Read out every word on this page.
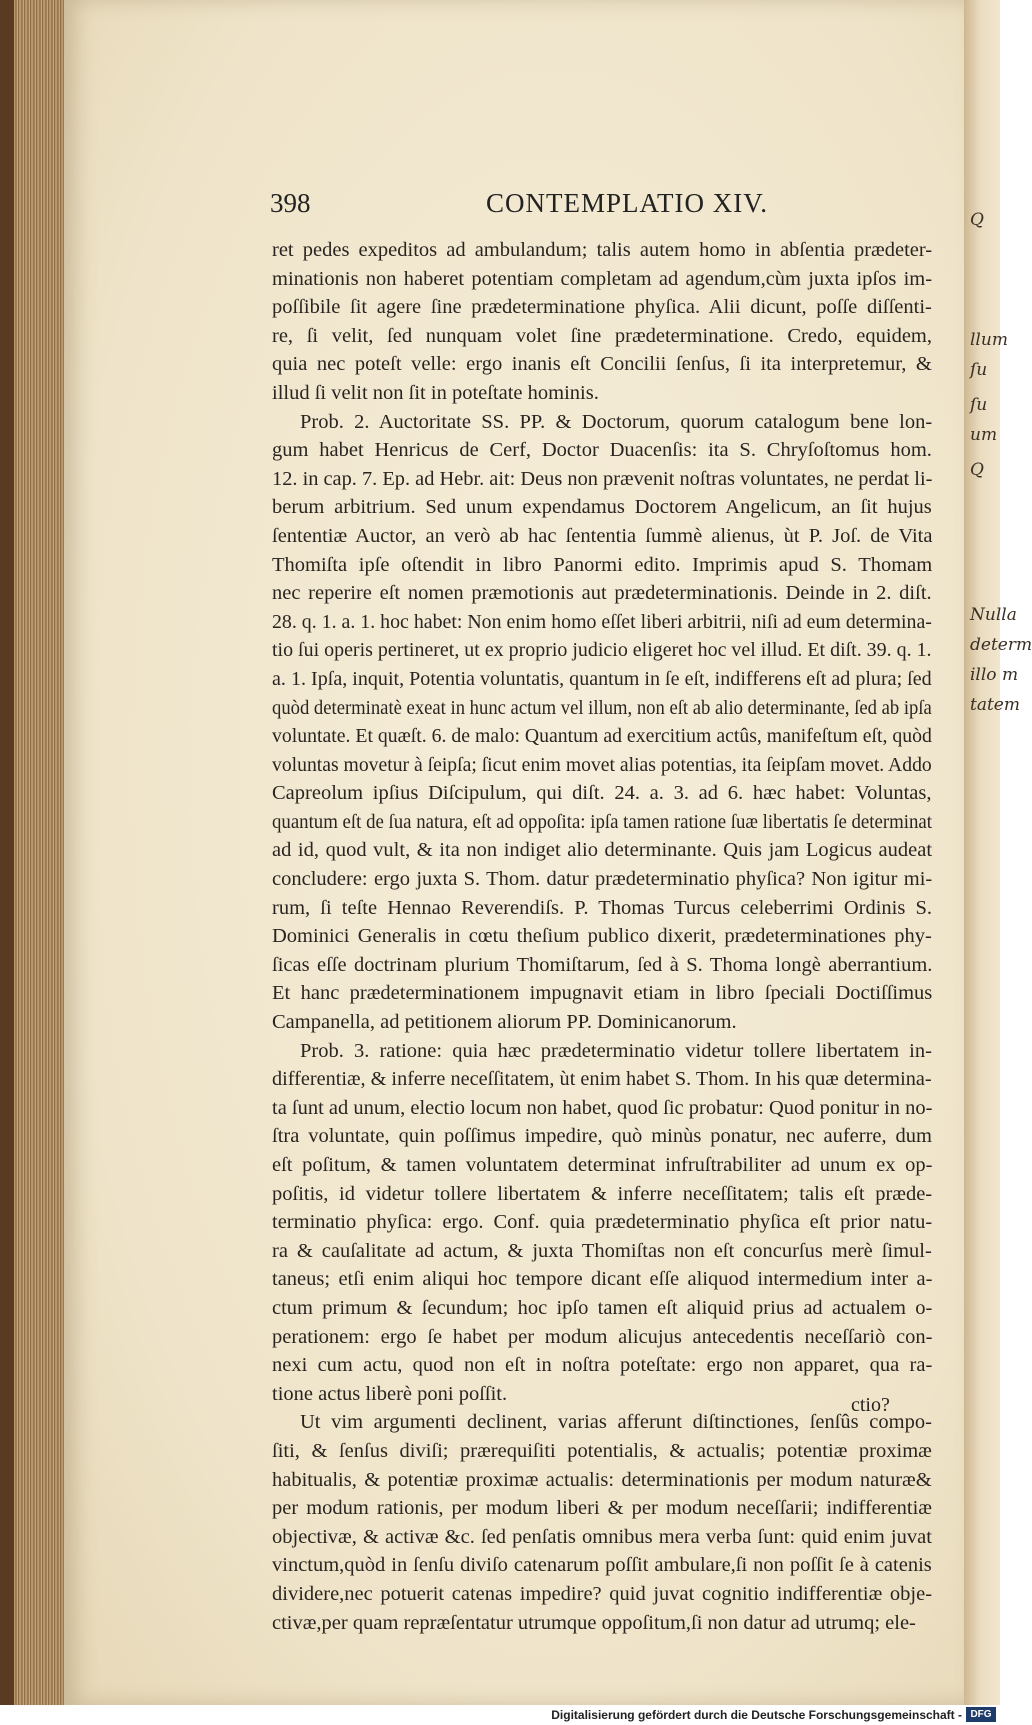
Q
llum
ſu
ſu
um
Q
Nulla
determ
illo m
tatem
398	CONTEMPLATIO XIV.
ret pedes expeditos ad ambulandum; talis autem homo in abſentia prædeter-
minationis non haberet potentiam completam ad agendum,cùm juxta ipſos im-
poſſibile ſit agere ſine prædeterminatione phyſica. Alii dicunt, poſſe diſſenti-
re, ſi velit, ſed nunquam volet ſine prædeterminatione. Credo, equidem,
quia nec poteſt velle: ergo inanis eſt Concilii ſenſus, ſi ita interpretemur, &
illud ſi velit non ſit in poteſtate hominis.
Prob. 2. Auctoritate SS. PP. & Doctorum, quorum catalogum bene lon-
gum habet Henricus de Cerf, Doctor Duacenſis: ita S. Chryſoſtomus hom.
12. in cap. 7. Ep. ad Hebr. ait: Deus non prævenit noſtras voluntates, ne perdat li-
berum arbitrium. Sed unum expendamus Doctorem Angelicum, an ſit hujus
ſententiæ Auctor, an verò ab hac ſententia ſummè alienus, ùt P. Joſ. de Vita
Thomiſta ipſe oſtendit in libro Panormi edito. Imprimis apud S. Thomam
nec reperire eſt nomen præmotionis aut prædeterminationis. Deinde in 2. diſt.
28. q. 1. a. 1. hoc habet: Non enim homo eſſet liberi arbitrii, niſi ad eum determina-
tio ſui operis pertineret, ut ex proprio judicio eligeret hoc vel illud. Et diſt. 39. q. 1.
a. 1. Ipſa, inquit, Potentia voluntatis, quantum in ſe eſt, indifferens eſt ad plura; ſed
quòd determinatè exeat in hunc actum vel illum, non eſt ab alio determinante, ſed ab ipſa
voluntate. Et quæſt. 6. de malo: Quantum ad exercitium actûs, manifeſtum eſt, quòd
voluntas movetur à ſeipſa; ſicut enim movet alias potentias, ita ſeipſam movet. Addo
Capreolum ipſius Diſcipulum, qui diſt. 24. a. 3. ad 6. hæc habet: Voluntas,
quantum eſt de ſua natura, eſt ad oppoſita: ipſa tamen ratione ſuæ libertatis ſe determinat
ad id, quod vult, & ita non indiget alio determinante. Quis jam Logicus audeat
concludere: ergo juxta S. Thom. datur prædeterminatio phyſica? Non igitur mi-
rum, ſi teſte Hennao Reverendiſs. P. Thomas Turcus celeberrimi Ordinis S.
Dominici Generalis in cœtu theſium publico dixerit, prædeterminationes phy-
ſicas eſſe doctrinam plurium Thomiſtarum, ſed à S. Thoma longè aberrantium.
Et hanc prædeterminationem impugnavit etiam in libro ſpeciali Doctiſſimus
Campanella, ad petitionem aliorum PP. Dominicanorum.
Prob. 3. ratione: quia hæc prædeterminatio videtur tollere libertatem in-
differentiæ, & inferre neceſſitatem, ùt enim habet S. Thom. In his quæ determina-
ta ſunt ad unum, electio locum non habet, quod ſic probatur: Quod ponitur in no-
ſtra voluntate, quin poſſimus impedire, quò minùs ponatur, nec auferre, dum
eſt poſitum, & tamen voluntatem determinat infruſtrabiliter ad unum ex op-
poſitis, id videtur tollere libertatem & inferre neceſſitatem; talis eſt præde-
terminatio phyſica: ergo. Conf. quia prædeterminatio phyſica eſt prior natu-
ra & cauſalitate ad actum, & juxta Thomiſtas non eſt concurſus merè ſimul-
taneus; etſi enim aliqui hoc tempore dicant eſſe aliquod intermedium inter a-
ctum primum & ſecundum; hoc ipſo tamen eſt aliquid prius ad actualem o-
perationem: ergo ſe habet per modum alicujus antecedentis neceſſariò con-
nexi cum actu, quod non eſt in noſtra poteſtate: ergo non apparet, qua ra-
tione actus liberè poni poſſit.
Ut vim argumenti declinent, varias afferunt diſtinctiones, ſenſûs compo-
ſiti, & ſenſus diviſi; prærequiſiti potentialis, & actualis; potentiæ proximæ
habitualis, & potentiæ proximæ actualis: determinationis per modum naturæ&
per modum rationis, per modum liberi & per modum neceſſarii; indifferentiæ
objectivæ, & activæ &c. ſed penſatis omnibus mera verba ſunt: quid enim juvat
vinctum,quòd in ſenſu diviſo catenarum poſſit ambulare,ſi non poſſit ſe à catenis
dividere,nec potuerit catenas impedire? quid juvat cognitio indifferentiæ obje-
ctivæ,per quam repræſentatur utrumque oppoſitum,ſi non datur ad utrumq; ele-
ctio?
Digitalisierung gefördert durch die Deutsche Forschungsgemeinschaft - DFG
